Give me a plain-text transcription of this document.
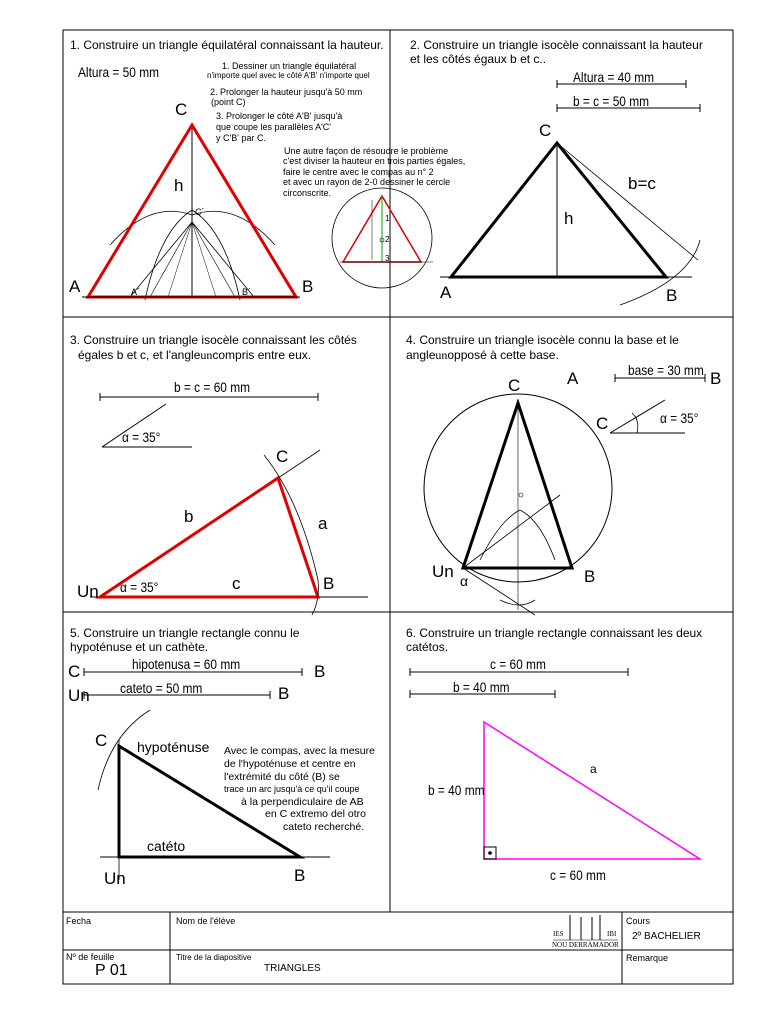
1. Construire un triangle équilatéral connaissant la hauteur.
Altura = 50 mm	1. Dessiner un triangle équilatéral
n'importe quel avec le côté A'B' n'importe quel
2. Prolonger la hauteur jusqu'à 50 mm
(point C)
3. Prolonger le côté A'B' jusqu'à
que coupe les parallèles A'C'
y C'B' par C.
Une autre façon de résoudre le problème
c'est diviser la hauteur en trois parties égales,
faire le centre avec le compas au n° 2
et avec un rayon de 2-0 dessiner le cercle
circonscrite.
C
h
A	B
A´	B´
C´
1
2
3
2. Construire un triangle isocèle connaissant la hauteur
et les côtés égaux b et c..
Altura = 40 mm
b = c = 50 mm
C
h
b=c
A	B
3. Construire un triangle isocèle connaissant les côtés
égales b et c, et l'angleuncompris entre eux.
b = c = 60 mm
α = 35°
C
b	a
c
α = 35°
Un	B
4. Construire un triangle isocèle connu la base et le
angleunopposé à cette base.
A	base = 30 mm B
C	α = 35°
C
Un	B
α
5. Construire un triangle rectangle connu le
hypoténuse et un cathète.
C	hipotenusa = 60 mm	B
Un cateto = 50 mm	B
C hypoténuse Avec le compas, avec la mesure
de l'hypoténuse et centre en
l'extrémité du côté (B) se
trace un arc jusqu'à ce qu'il coupe
à la perpendiculaire de AB
en C extremo del otro
cateto recherché.
catéto
Un	B
6. Construire un triangle rectangle connaissant les deux
catétos.
c = 60 mm
b = 40 mm
b = 40 mm
a
c = 60 mm
Fecha	Nom de l'élève
IES	IBI
NOU DERRAMADOR
Cours
2º BACHELIER
Nº de feuille
P 01
Titre de la diapositive
TRIANGLES
Remarque
